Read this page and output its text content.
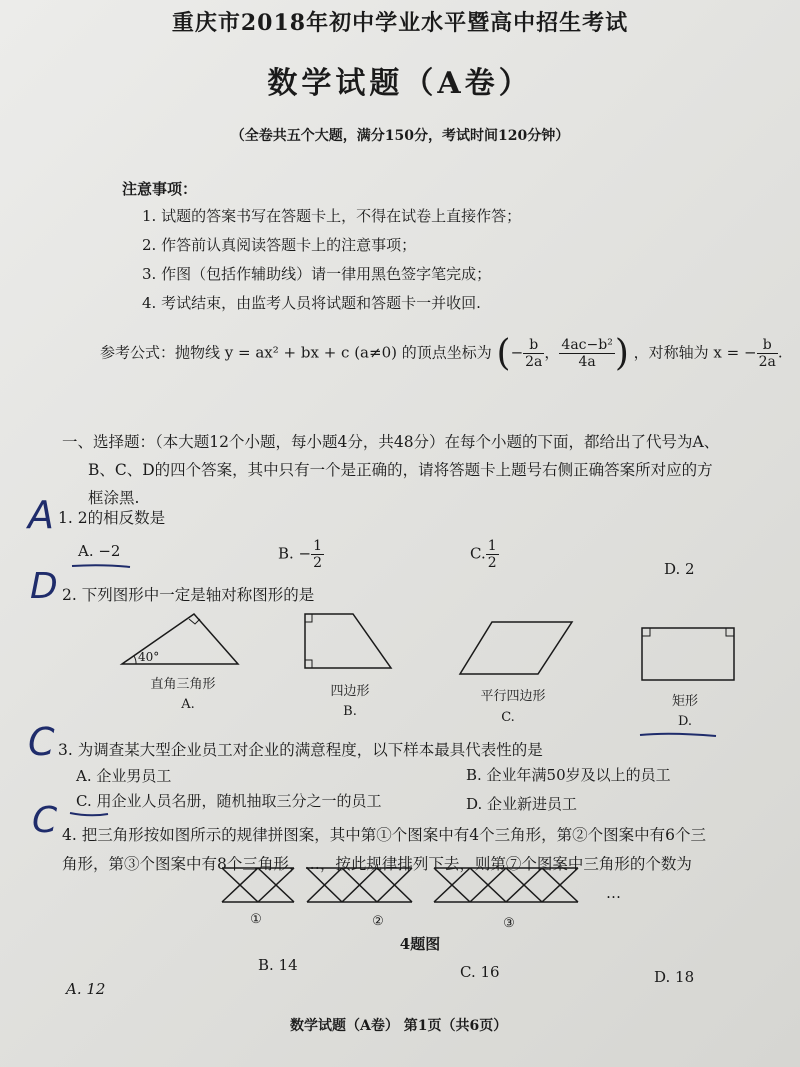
重庆市2018年初中学业水平暨高中招生考试
数学试题（A卷）
（全卷共五个大题，满分150分，考试时间120分钟）
注意事项：
1. 试题的答案书写在答题卡上，不得在试卷上直接作答；
2. 作答前认真阅读答题卡上的注意事项；
3. 作图（包括作辅助线）请一律用黑色签字笔完成；
4. 考试结束，由监考人员将试题和答题卡一并收回.
参考公式：抛物线 y = ax² + bx + c (a≠0) 的顶点坐标为 (− $\frac{b}{2a}$ ， $\frac{\text{4ac−b²}}{4a}$ ) ，对称轴为 x = − $\frac{b}{2a}$ .
一、选择题：（本大题12个小题，每小题4分，共48分）在每个小题的下面，都给出了代号为A、
B、C、D的四个答案，其中只有一个是正确的，请将答题卡上题号右侧正确答案所对应的方
框涂黑.
A 1. 2的相反数是
A. −2	B. − $\frac{1}{2}$	C. $\frac{1}{2}$	D. 2
D 2. 下列图形中一定是轴对称图形的是
40°
直角三角形
A.
四边形
B.
平行四边形
C.
矩形
D.
C 3. 为调查某大型企业员工对企业的满意程度，以下样本最具代表性的是
A. 企业男员工	B. 企业年满50岁及以上的员工
C. 用企业人员名册，随机抽取三分之一的员工	D. 企业新进员工
C 4. 把三角形按如图所示的规律拼图案，其中第①个图案中有4个三角形，第②个图案中有6个三
角形，第③个图案中有8个三角形，…，按此规律排列下去，则第⑦个图案中三角形的个数为
①	②	③
…
4题图
A. 12
B. 14	C. 16	D. 18
数学试题（A卷） 第1页（共6页）
